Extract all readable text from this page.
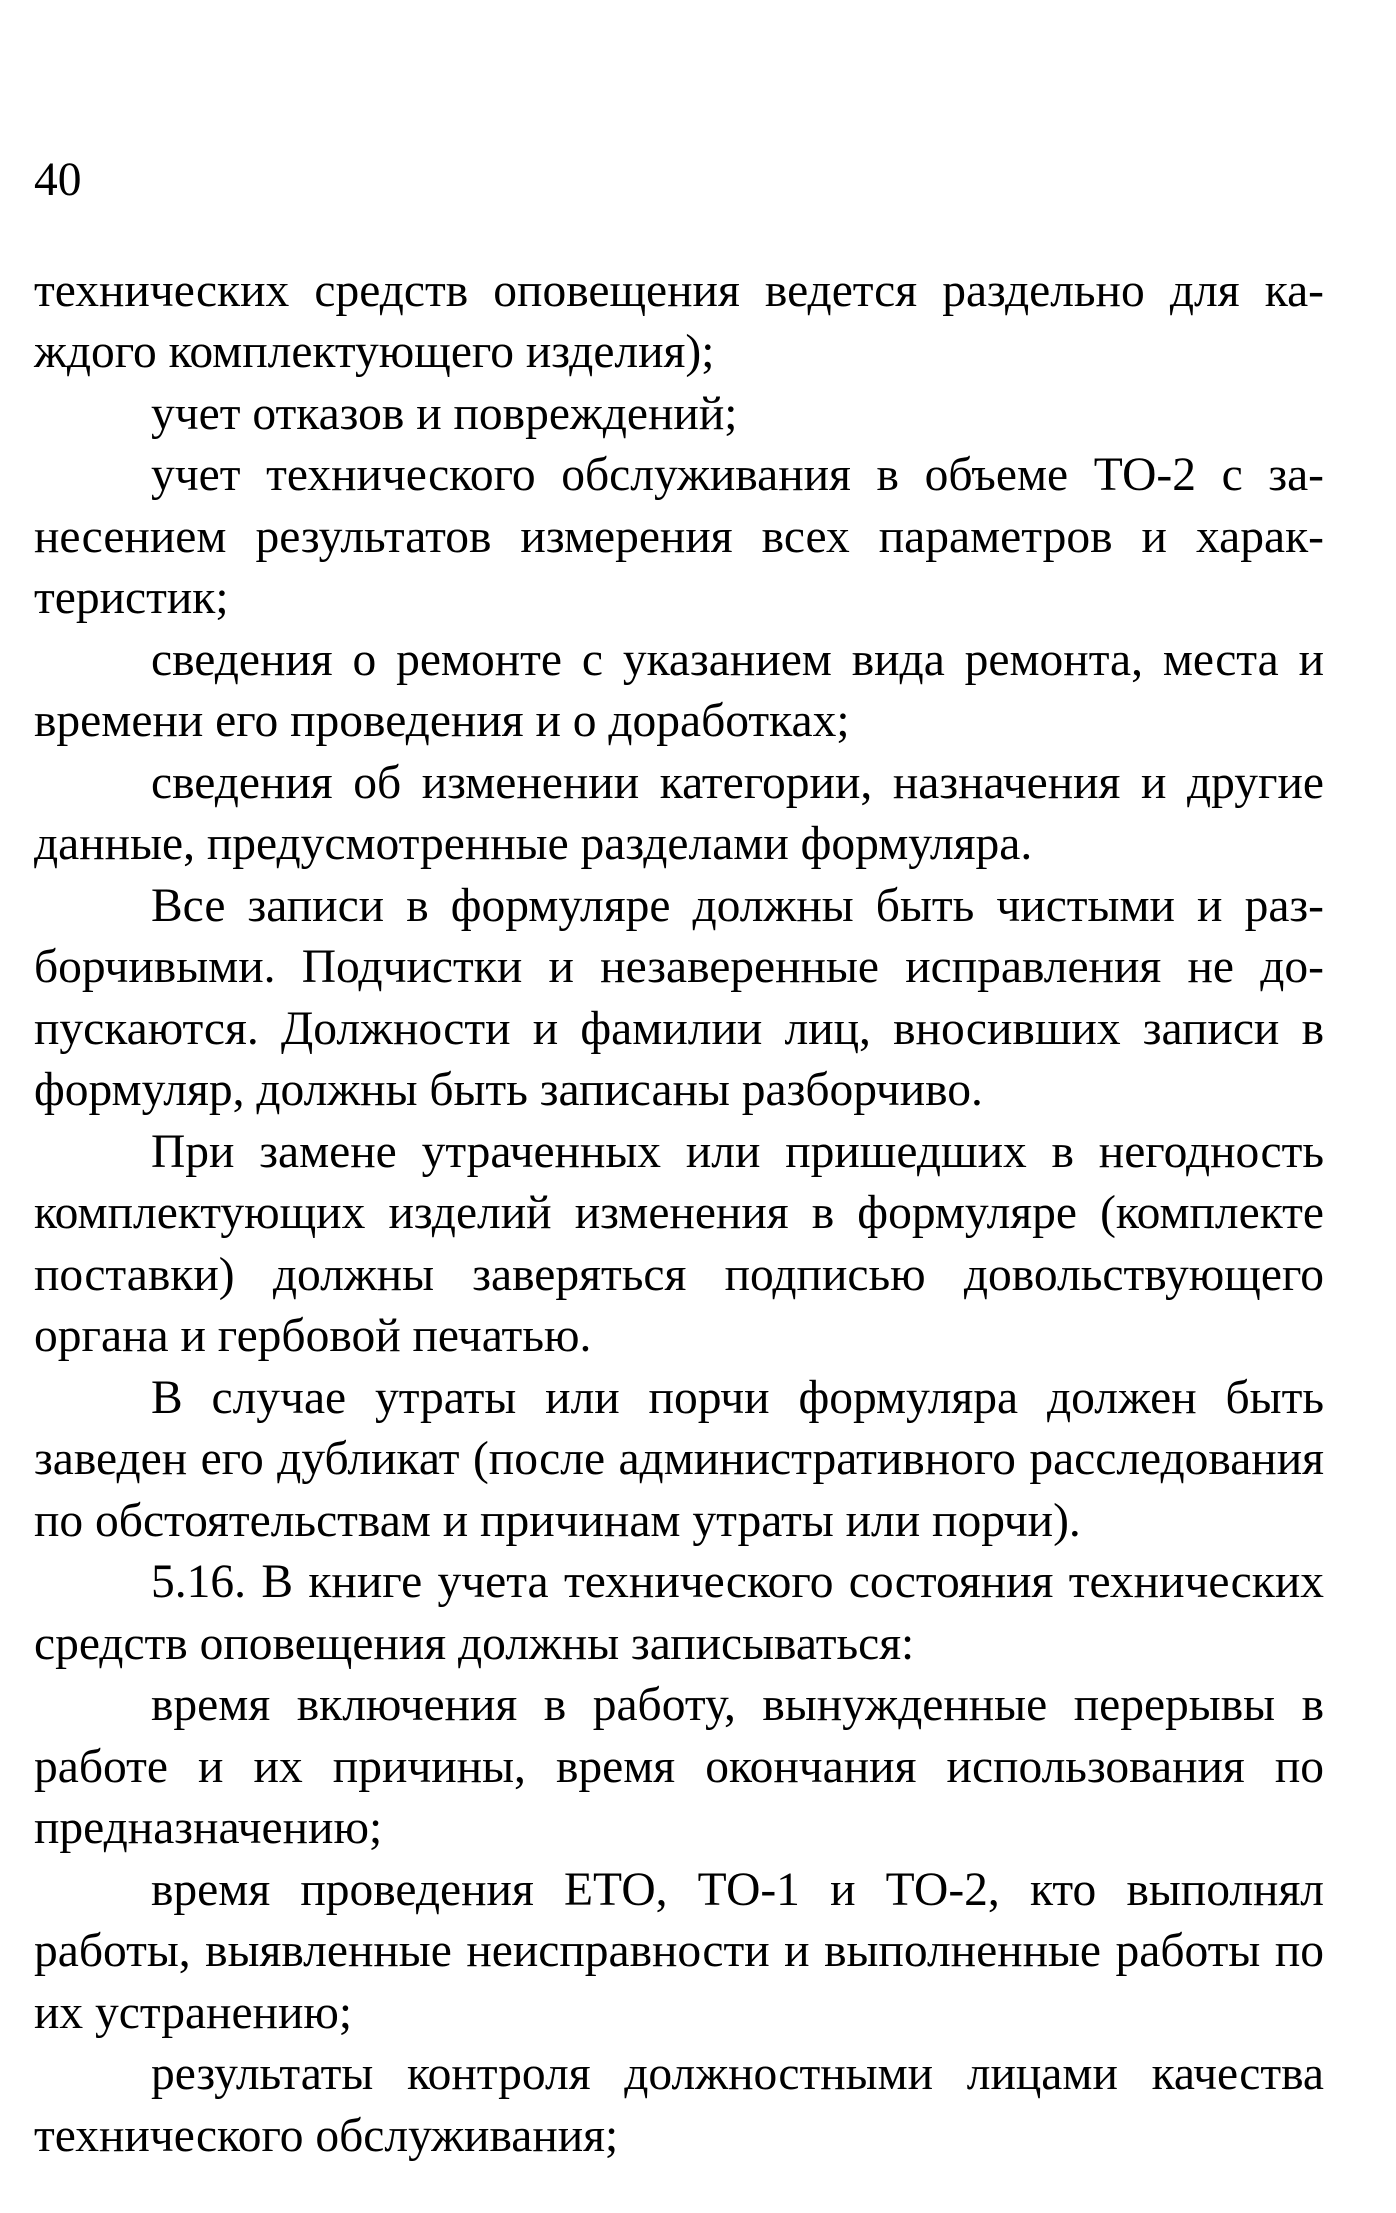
40

технических средств оповещения ведется раздельно для каждого комплектующего изделия);

учет отказов и повреждений;

учет технического обслуживания в объеме ТО-2 с занесением результатов измерения всех параметров и характеристик;

сведения о ремонте с указанием вида ремонта, места и времени его проведения и о доработках;

сведения об изменении категории, назначения и другие данные, предусмотренные разделами формуляра.

Все записи в формуляре должны быть чистыми и разборчивыми. Подчистки и незаверенные исправления не допускаются. Должности и фамилии лиц, вносивших записи в формуляр, должны быть записаны разборчиво.

При замене утраченных или пришедших в негодность комплектующих изделий изменения в формуляре (комплекте поставки) должны заверяться подписью довольствующего органа и гербовой печатью.

В случае утраты или порчи формуляра должен быть заведен его дубликат (после административного расследования по обстоятельствам и причинам утраты или порчи).

5.16. В книге учета технического состояния технических средств оповещения должны записываться:

время включения в работу, вынужденные перерывы в работе и их причины, время окончания использования по предназначению;

время проведения ЕТО, ТО-1 и ТО-2, кто выполнял работы, выявленные неисправности и выполненные работы по их устранению;

результаты контроля должностными лицами качества технического обслуживания;
